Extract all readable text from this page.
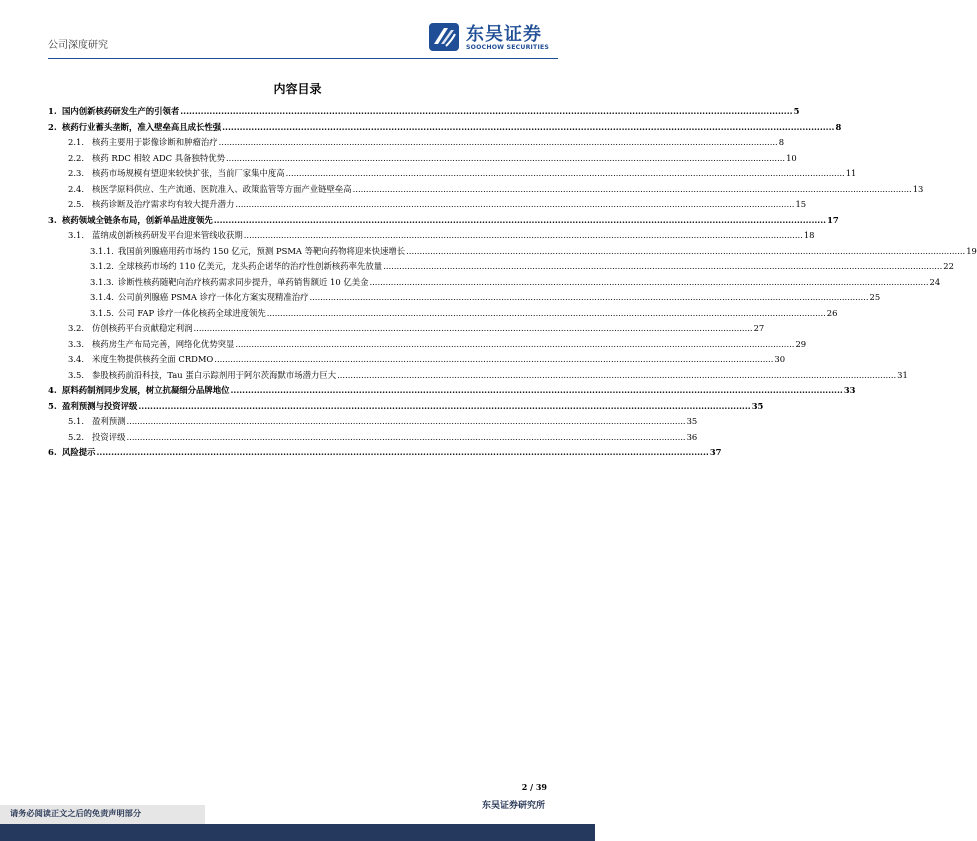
公司深度研究
东吴证券
SOOCHOW SECURITIES
内容目录
1. 国内创新核药研发生产的引领者 .....	5
2. 核药行业蓄头垄断，准入壁垒高且成长性强 .....	8
2.1. 核药主要用于影像诊断和肿瘤治疗 .....	8
2.2. 核药 RDC 相较 ADC 具备独特优势 .....	10
2.3. 核药市场规模有望迎来较快扩张，当前厂家集中度高 .....	11
2.4. 核医学原料供应、生产流通、医院准入、政策监管等方面产业链壁垒高 .....	13
2.5. 核药诊断及治疗需求均有较大提升潜力 .....	15
3. 核药领域全链条布局，创新单品进度领先 .....	17
3.1. 蓝纳成创新核药研发平台迎来管线收获期 .....	18
3.1.1. 我国前列腺癌用药市场约 150 亿元，预测 PSMA 等靶向药物将迎来快速增长 .....	19
3.1.2. 全球核药市场约 110 亿美元，龙头药企诺华的治疗性创新核药率先放量 .....	22
3.1.3. 诊断性核药随靶向治疗核药需求同步提升，单药销售额近 10 亿美金 .....	24
3.1.4. 公司前列腺癌 PSMA 诊疗一体化方案实现精准治疗 .....	25
3.1.5. 公司 FAP 诊疗一体化核药全球进度领先 .....	26
3.2. 仿创核药平台贡献稳定利润 .....	27
3.3. 核药房生产布局完善，网络化优势突显 .....	29
3.4. 米度生物提供核药全面 CRDMO .....	30
3.5. 参股核药前沿科技，Tau 蛋白示踪剂用于阿尔茨海默市场潜力巨大 .....	31
4. 原料药制剂同步发展，树立抗凝细分品牌地位 .....	33
5. 盈利预测与投资评级 .....	35
5.1. 盈利预测 .....	35
5.2. 投资评级 .....	36
6. 风险提示 .....	37
2 / 39
东吴证券研究所
请务必阅读正文之后的免责声明部分
